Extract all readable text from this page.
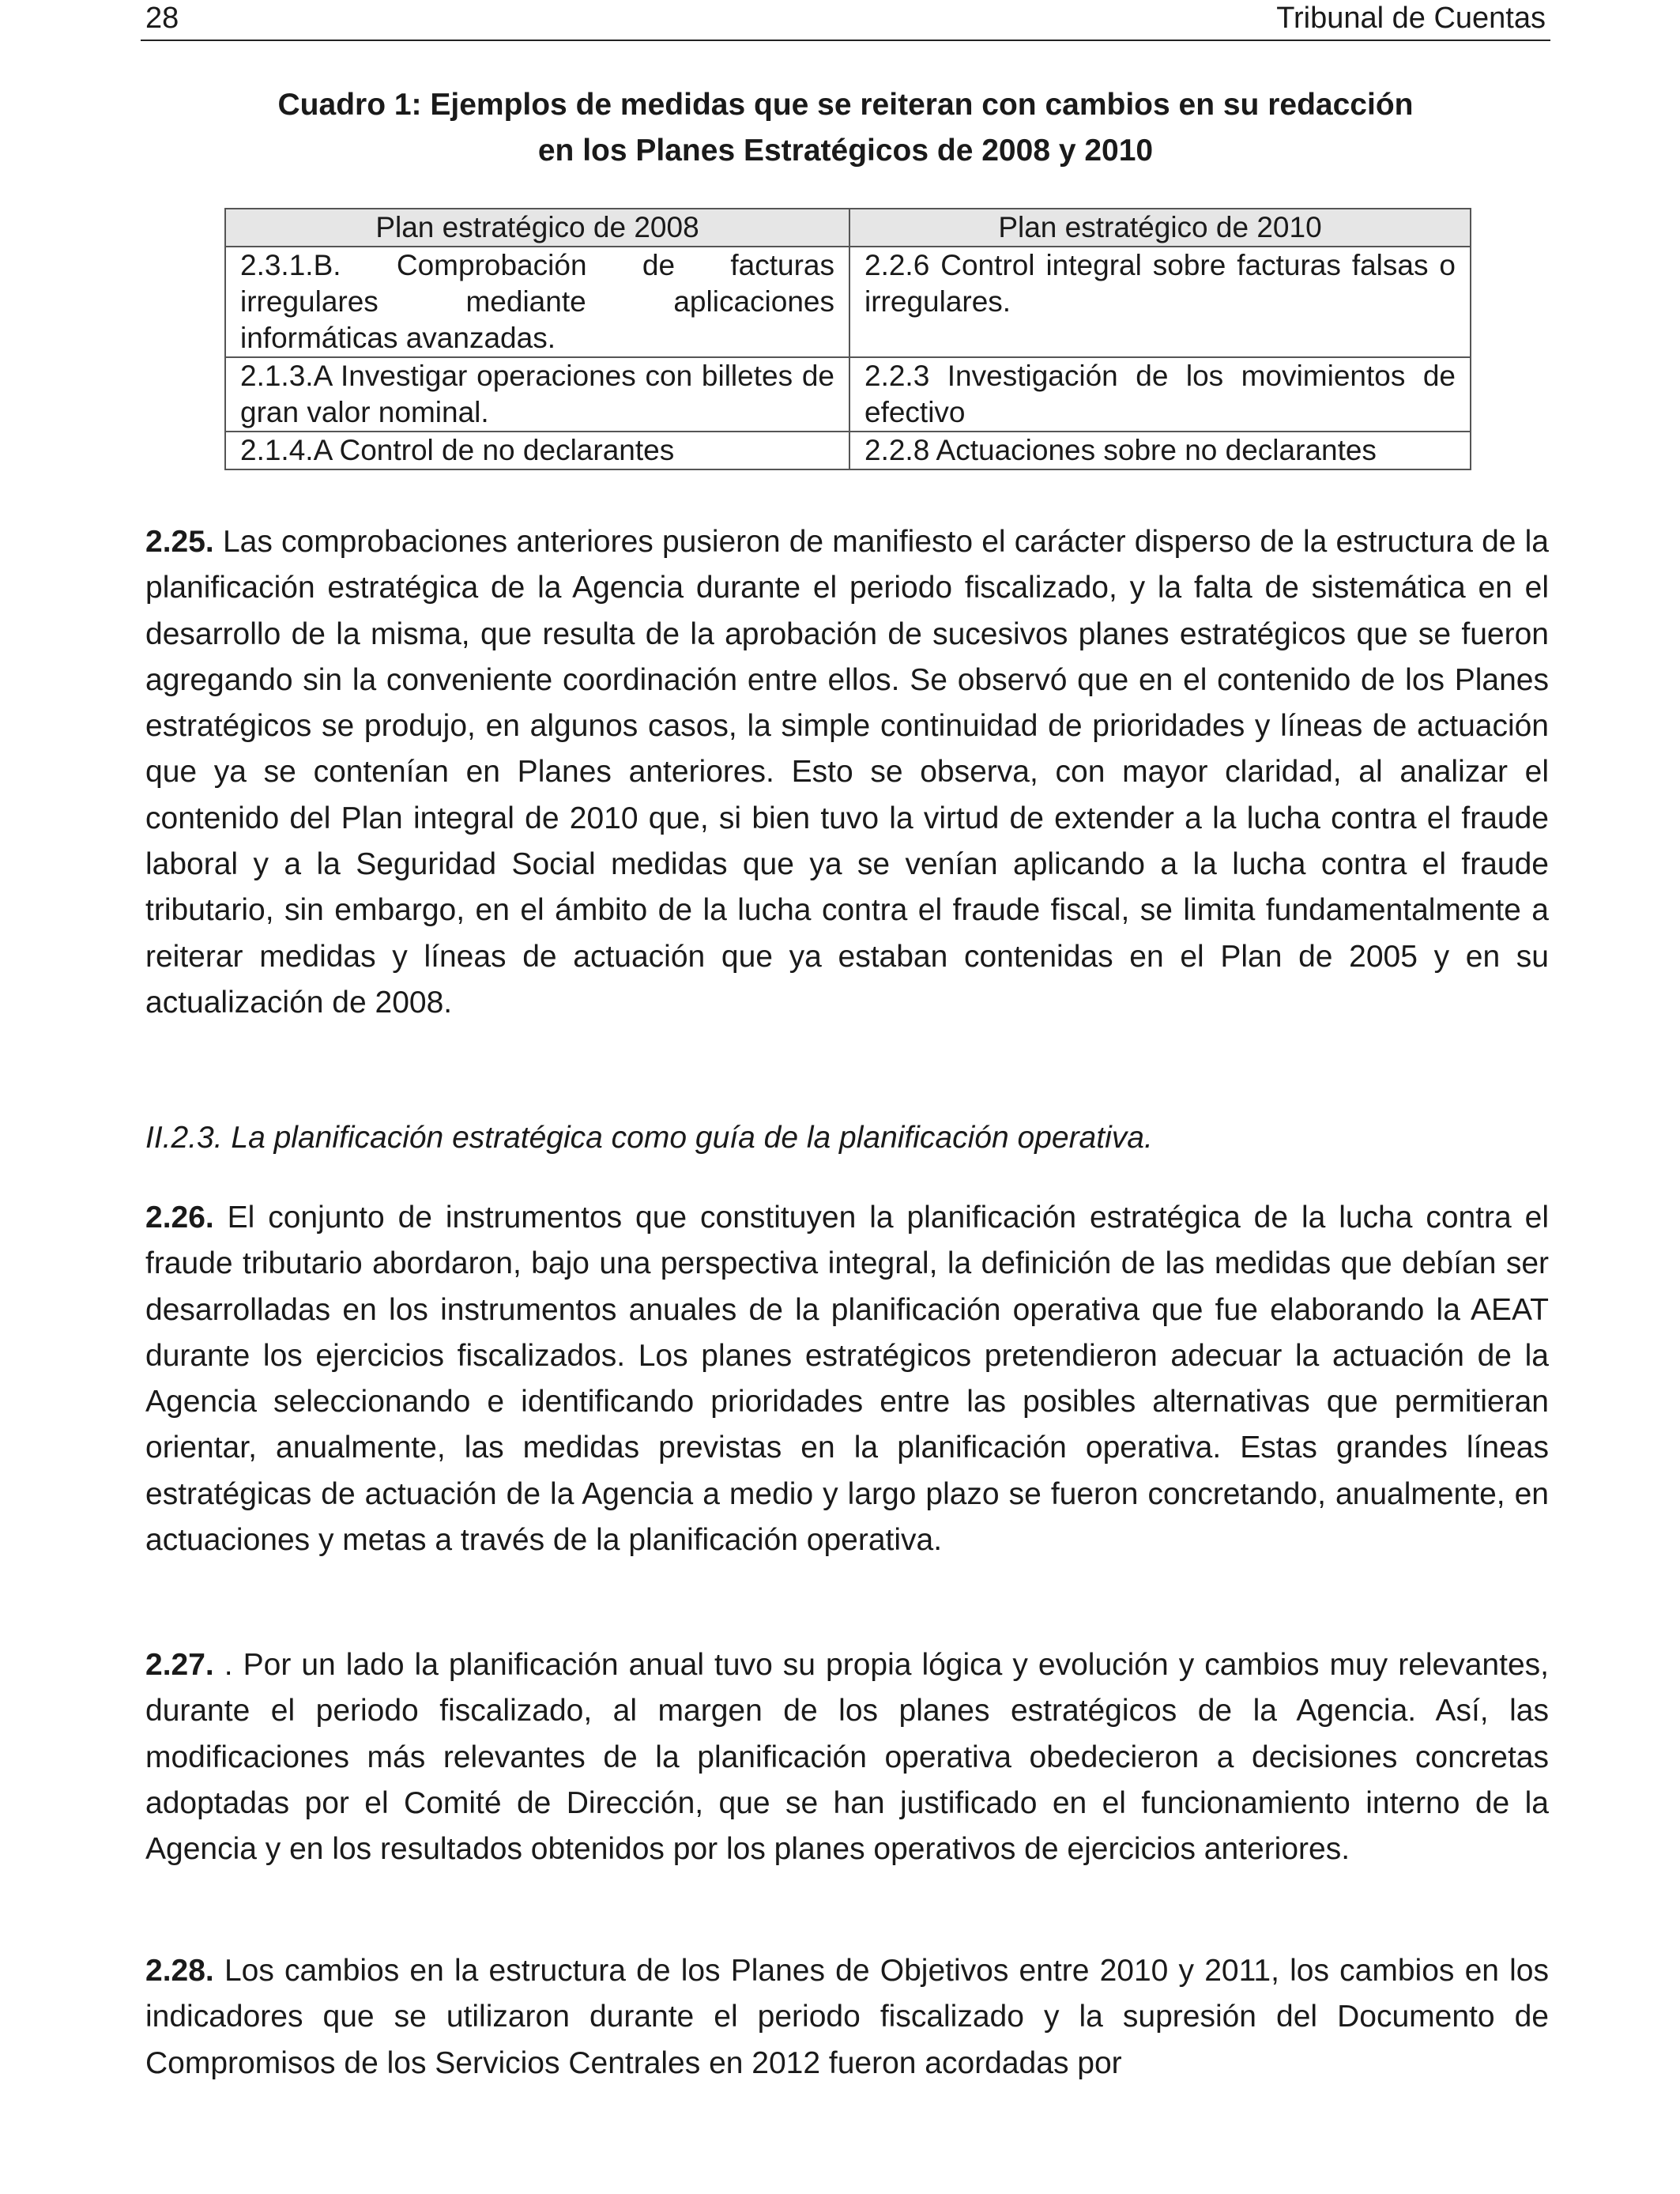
28	Tribunal de Cuentas
Cuadro 1: Ejemplos de medidas que se reiteran con cambios en su redacción
en los Planes Estratégicos de 2008 y 2010
Plan estratégico de 2008	Plan estratégico de 2010
2.3.1.B. Comprobación de facturas irregulares mediante aplicaciones informáticas avanzadas.	2.2.6 Control integral sobre facturas falsas o irregulares.
2.1.3.A Investigar operaciones con billetes de gran valor nominal.	2.2.3 Investigación de los movimientos de efectivo
2.1.4.A Control de no declarantes	2.2.8 Actuaciones sobre no declarantes

2.25. Las comprobaciones anteriores pusieron de manifiesto el carácter disperso de la estructura de la planificación estratégica de la Agencia durante el periodo fiscalizado, y la falta de sistemática en el desarrollo de la misma, que resulta de la aprobación de sucesivos planes estratégicos que se fueron agregando sin la conveniente coordinación entre ellos. Se observó que en el contenido de los Planes estratégicos se produjo, en algunos casos, la simple continuidad de prioridades y líneas de actuación que ya se contenían en Planes anteriores. Esto se observa, con mayor claridad, al analizar el contenido del Plan integral de 2010 que, si bien tuvo la virtud de extender a la lucha contra el fraude laboral y a la Seguridad Social medidas que ya se venían aplicando a la lucha contra el fraude tributario, sin embargo, en el ámbito de la lucha contra el fraude fiscal, se limita fundamentalmente a reiterar medidas y líneas de actuación que ya estaban contenidas en el Plan de 2005 y en su actualización de 2008.

II.2.3. La planificación estratégica como guía de la planificación operativa.

2.26. El conjunto de instrumentos que constituyen la planificación estratégica de la lucha contra el fraude tributario abordaron, bajo una perspectiva integral, la definición de las medidas que debían ser desarrolladas en los instrumentos anuales de la planificación operativa que fue elaborando la AEAT durante los ejercicios fiscalizados. Los planes estratégicos pretendieron adecuar la actuación de la Agencia seleccionando e identificando prioridades entre las posibles alternativas que permitieran orientar, anualmente, las medidas previstas en la planificación operativa. Estas grandes líneas estratégicas de actuación de la Agencia a medio y largo plazo se fueron concretando, anualmente, en actuaciones y metas a través de la planificación operativa.

2.27. . Por un lado la planificación anual tuvo su propia lógica y evolución y cambios muy relevantes, durante el periodo fiscalizado, al margen de los planes estratégicos de la Agencia. Así, las modificaciones más relevantes de la planificación operativa obedecieron a decisiones concretas adoptadas por el Comité de Dirección, que se han justificado en el funcionamiento interno de la Agencia y en los resultados obtenidos por los planes operativos de ejercicios anteriores.

2.28. Los cambios en la estructura de los Planes de Objetivos entre 2010 y 2011, los cambios en los indicadores que se utilizaron durante el periodo fiscalizado y la supresión del Documento de Compromisos de los Servicios Centrales en 2012 fueron acordadas por
